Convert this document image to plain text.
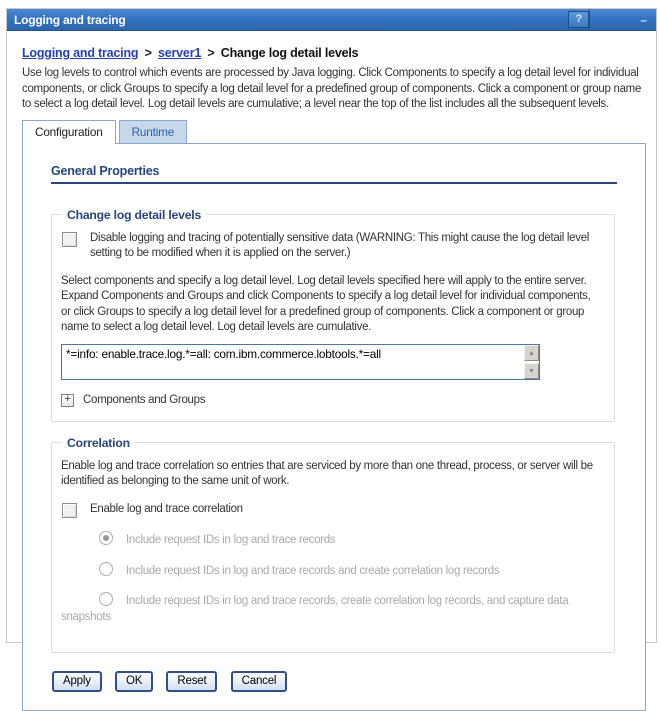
Logging and tracing	?	–
Logging and tracing > server1 > Change log detail levels

Use log levels to control which events are processed by Java logging. Click Components to specify a log detail level for individual components, or click Groups to specify a log detail level for a predefined group of components. Click a component or group name to select a log detail level. Log detail levels are cumulative; a level near the top of the list includes all the subsequent levels.

Configuration	Runtime
General Properties
Change log detail levels
Disable logging and tracing of potentially sensitive data (WARNING: This might cause the log detail level setting to be modified when it is applied on the server.)

Select components and specify a log detail level. Log detail levels specified here will apply to the entire server. Expand Components and Groups and click Components to specify a log detail level for individual components, or click Groups to specify a log detail level for a predefined group of components. Click a component or group name to select a log detail level. Log detail levels are cumulative.

*=info: enable.trace.log.*=all: com.ibm.commerce.lobtools.*=all	▲
▼
+ Components and Groups
Correlation

Enable log and trace correlation so entries that are serviced by more than one thread, process, or server will be identified as belonging to the same unit of work.

Enable log and trace correlation
Include request IDs in log and trace records
Include request IDs in log and trace records and create correlation log records
Include request IDs in log and trace records, create correlation log records, and capture data snapshots
Apply	OK	Reset	Cancel
